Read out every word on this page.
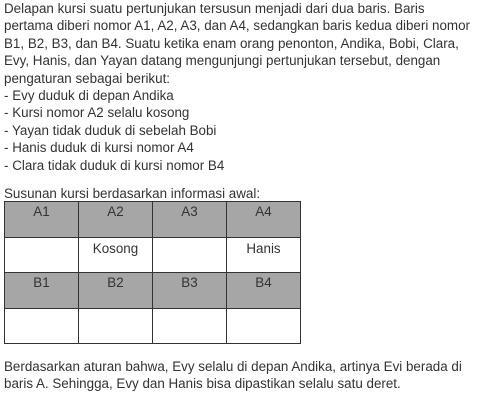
Delapan kursi suatu pertunjukan tersusun menjadi dari dua baris. Baris pertama diberi nomor A1, A2, A3, dan A4, sedangkan baris kedua diberi nomor B1, B2, B3, dan B4. Suatu ketika enam orang penonton, Andika, Bobi, Clara, Evy, Hanis, dan Yayan datang mengunjungi pertunjukan tersebut, dengan pengaturan sebagai berikut:
- Evy duduk di depan Andika
- Kursi nomor A2 selalu kosong
- Yayan tidak duduk di sebelah Bobi
- Hanis duduk di kursi nomor A4
- Clara tidak duduk di kursi nomor B4
Susunan kursi berdasarkan informasi awal:
A1	A2	A3	A4
	Kosong		Hanis
B1	B2	B3	B4

Berdasarkan aturan bahwa, Evy selalu di depan Andika, artinya Evi berada di baris A. Sehingga, Evy dan Hanis bisa dipastikan selalu satu deret.
